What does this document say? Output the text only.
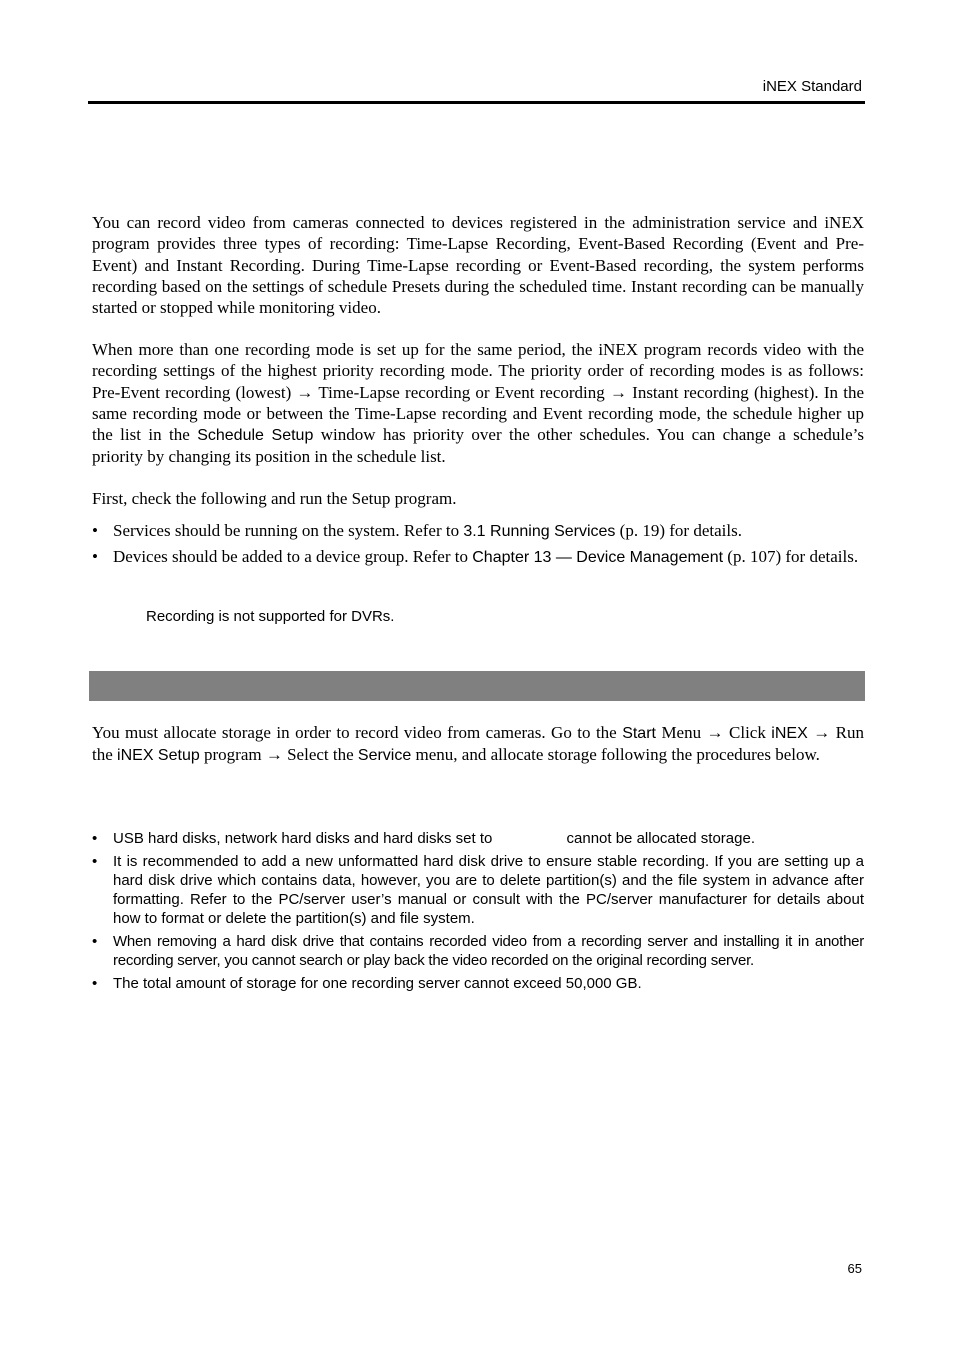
iNEX Standard

You can record video from cameras connected to devices registered in the administration service and iNEX program provides three types of recording: Time-Lapse Recording, Event-Based Recording (Event and Pre-Event) and Instant Recording. During Time-Lapse recording or Event-Based recording, the system performs recording based on the settings of schedule Presets during the scheduled time. Instant recording can be manually started or stopped while monitoring video.

When more than one recording mode is set up for the same period, the iNEX program records video with the recording settings of the highest priority recording mode. The priority order of recording modes is as follows: Pre-Event recording (lowest) → Time-Lapse recording or Event recording → Instant recording (highest). In the same recording mode or between the Time-Lapse recording and Event recording mode, the schedule higher up the list in the Schedule Setup window has priority over the other schedules. You can change a schedule’s priority by changing its position in the schedule list.

First, check the following and run the Setup program.

• Services should be running on the system. Refer to 3.1 Running Services (p. 19) for details.
• Devices should be added to a device group. Refer to Chapter 13 — Device Management (p. 107) for details.
Recording is not supported for DVRs.

You must allocate storage in order to record video from cameras. Go to the Start Menu → Click iNEX → Run the iNEX Setup program → Select the Service menu, and allocate storage following the procedures below.

• USB hard disks, network hard disks and hard disks set to	cannot be allocated storage.
• It is recommended to add a new unformatted hard disk drive to ensure stable recording. If you are setting up a hard disk drive which contains data, however, you are to delete partition(s) and the file system in advance after formatting. Refer to the PC/server user’s manual or consult with the PC/server manufacturer for details about how to format or delete the partition(s) and file system.
• When removing a hard disk drive that contains recorded video from a recording server and installing it in another recording server, you cannot search or play back the video recorded on the original recording server.
• The total amount of storage for one recording server cannot exceed 50,000 GB.
65
